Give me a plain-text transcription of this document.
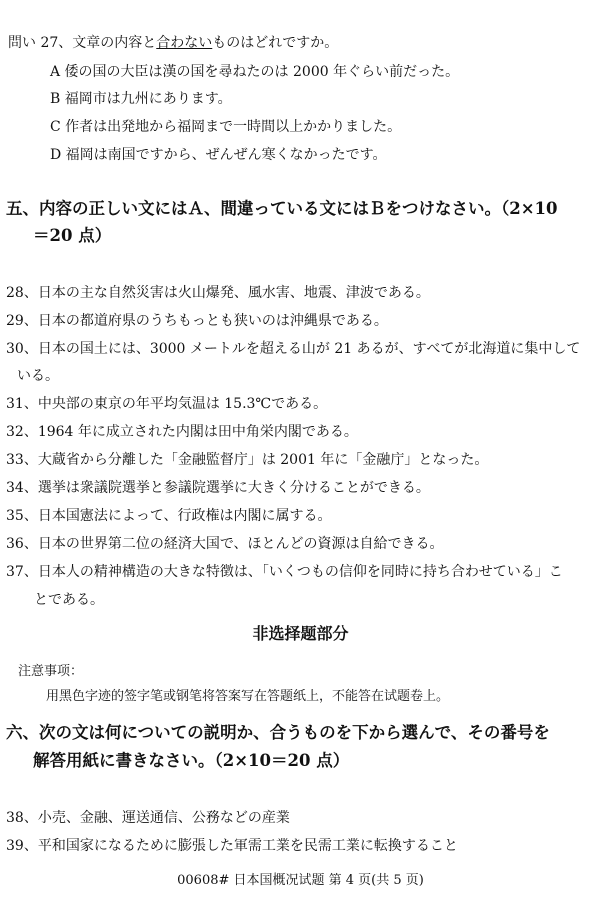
問い 27、文章の内容と合わないものはどれですか。
A 倭の国の大臣は漢の国を尋ねたのは 2000 年ぐらい前だった。
B 福岡市は九州にあります。
C 作者は出発地から福岡まで一時間以上かかりました。
D 福岡は南国ですから、ぜんぜん寒くなかったです。
五、内容の正しい文にはＡ、間違っている文にはＢをつけなさい。（2×10
＝20 点）
28、日本の主な自然災害は火山爆発、風水害、地震、津波である。
29、日本の都道府県のうちもっとも狭いのは沖縄県である。
30、日本の国土には、3000 メートルを超える山が 21 あるが、すべてが北海道に集中して
いる。
31、中央部の東京の年平均気温は 15.3℃である。
32、1964 年に成立された内閣は田中角栄内閣である。
33、大蔵省から分離した「金融監督庁」は 2001 年に「金融庁」となった。
34、選挙は衆議院選挙と参議院選挙に大きく分けることができる。
35、日本国憲法によって、行政権は内閣に属する。
36、日本の世界第二位の経済大国で、ほとんどの資源は自給できる。
37、日本人の精神構造の大きな特徴は、「いくつもの信仰を同時に持ち合わせている」こ
とである。
非选择题部分
注意事项：
用黑色字迹的签字笔或钢笔将答案写在答题纸上，不能答在试题卷上。
六、次の文は何についての説明か、合うものを下から選んで、その番号を
解答用紙に書きなさい。（2×10＝20 点）
38、小売、金融、運送通信、公務などの産業
39、平和国家になるために膨張した軍需工業を民需工業に転換すること
00608# 日本国概况试题 第 4 页(共 5 页)
